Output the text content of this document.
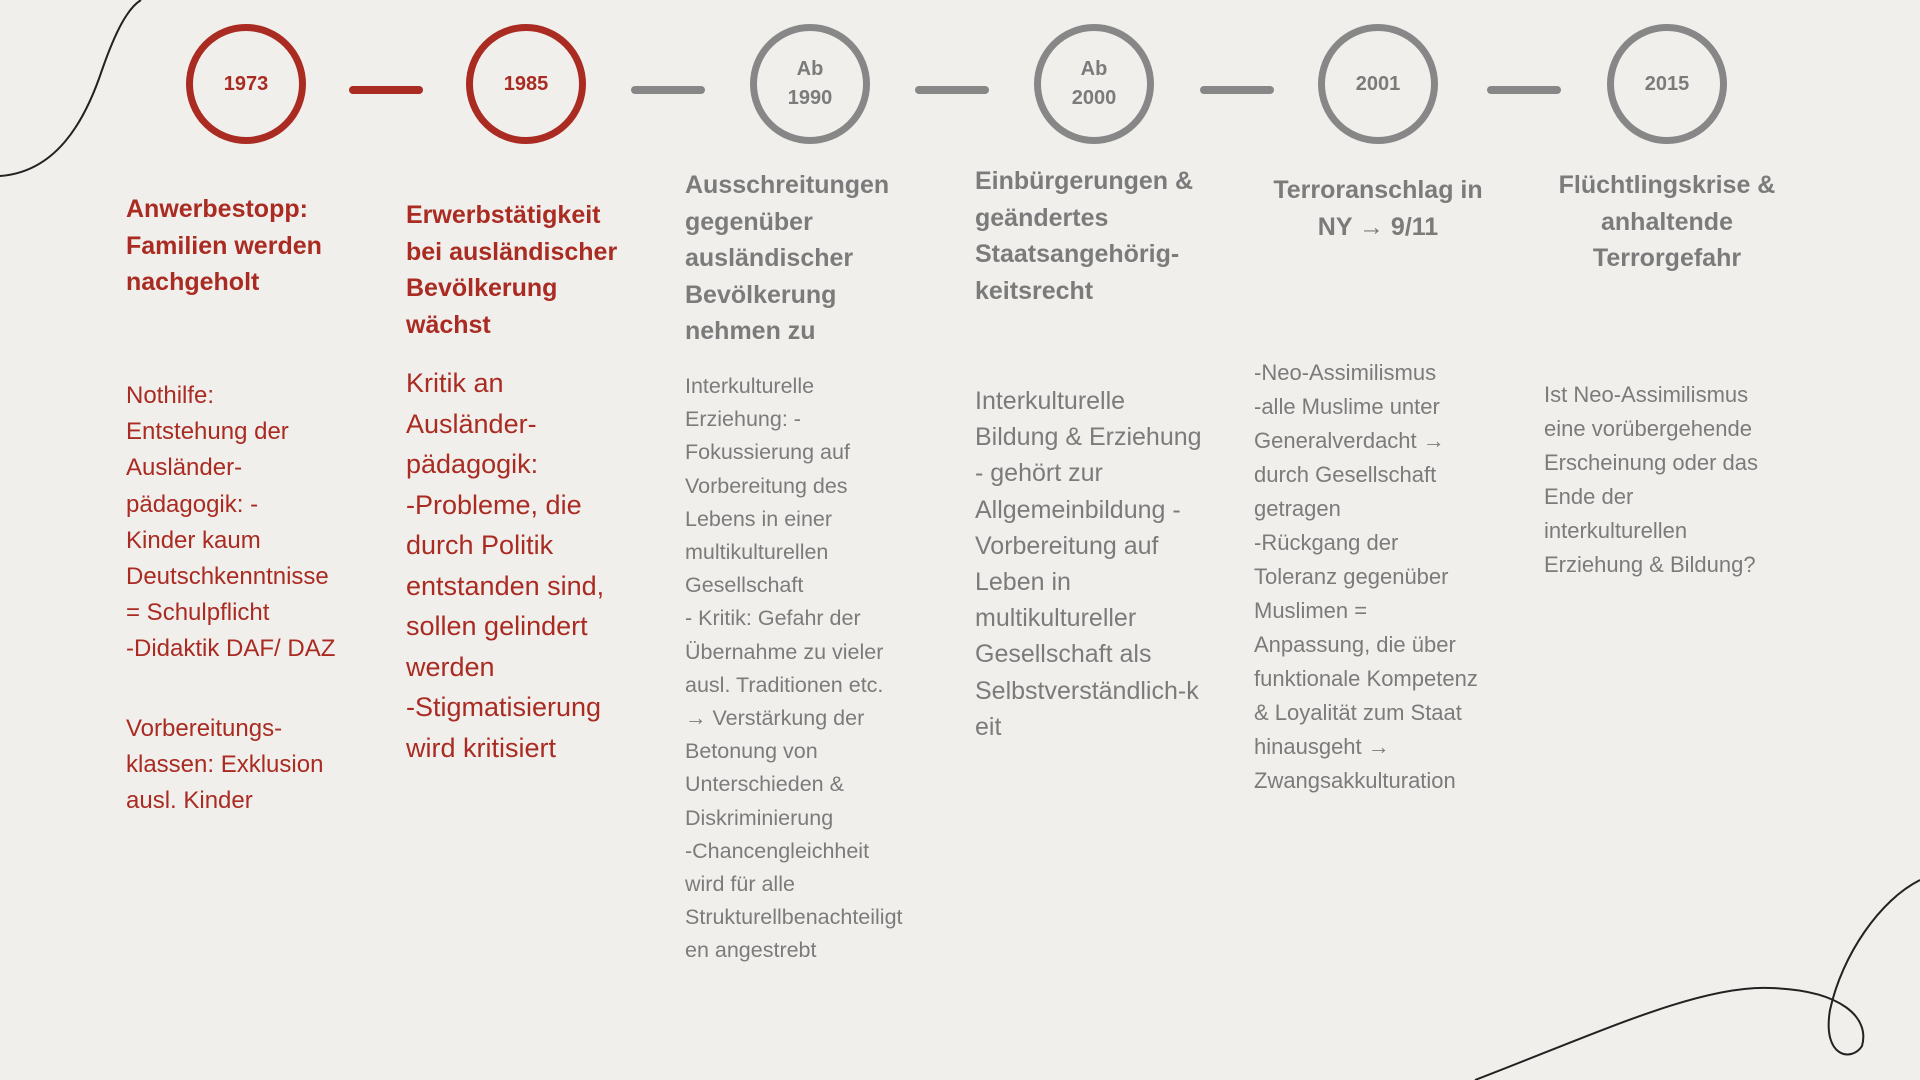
1973	1985
Ab
1990
Ab
2000
2001	2015
Anwerbestopp:
Familien werden
nachgeholt
Erwerbstätigkeit
bei ausländischer
Bevölkerung
wächst
Ausschreitungen
gegenüber
ausländischer
Bevölkerung
nehmen zu
Einbürgerungen &
geändertes
Staatsangehörig-
keitsrecht
Terroranschlag in
NY → 9/11
Flüchtlingskrise &
anhaltende
Terrorgefahr
Nothilfe:
Entstehung der
Ausländer-
pädagogik: -
Kinder kaum
Deutschkenntnisse
= Schulpflicht
-Didaktik DAF/ DAZ
Vorbereitungs-
klassen: Exklusion
ausl. Kinder
Kritik an
Ausländer-
pädagogik:
-Probleme, die
durch Politik
entstanden sind,
sollen gelindert
werden
-Stigmatisierung
wird kritisiert
Interkulturelle
Erziehung: -
Fokussierung auf
Vorbereitung des
Lebens in einer
multikulturellen
Gesellschaft
- Kritik: Gefahr der
Übernahme zu vieler
ausl. Traditionen etc.
→ Verstärkung der
Betonung von
Unterschieden &
Diskriminierung
-Chancengleichheit
wird für alle
Strukturellbenachteiligt
en angestrebt
Interkulturelle
Bildung & Erziehung
- gehört zur
Allgemeinbildung -
Vorbereitung auf
Leben in
multikultureller
Gesellschaft als
Selbstverständlich-k
eit
-Neo-Assimilismus
-alle Muslime unter
Generalverdacht →
durch Gesellschaft
getragen
-Rückgang der
Toleranz gegenüber
Muslimen =
Anpassung, die über
funktionale Kompetenz
& Loyalität zum Staat
hinausgeht →
Zwangsakkulturation
Ist Neo-Assimilismus
eine vorübergehende
Erscheinung oder das
Ende der
interkulturellen
Erziehung & Bildung?
